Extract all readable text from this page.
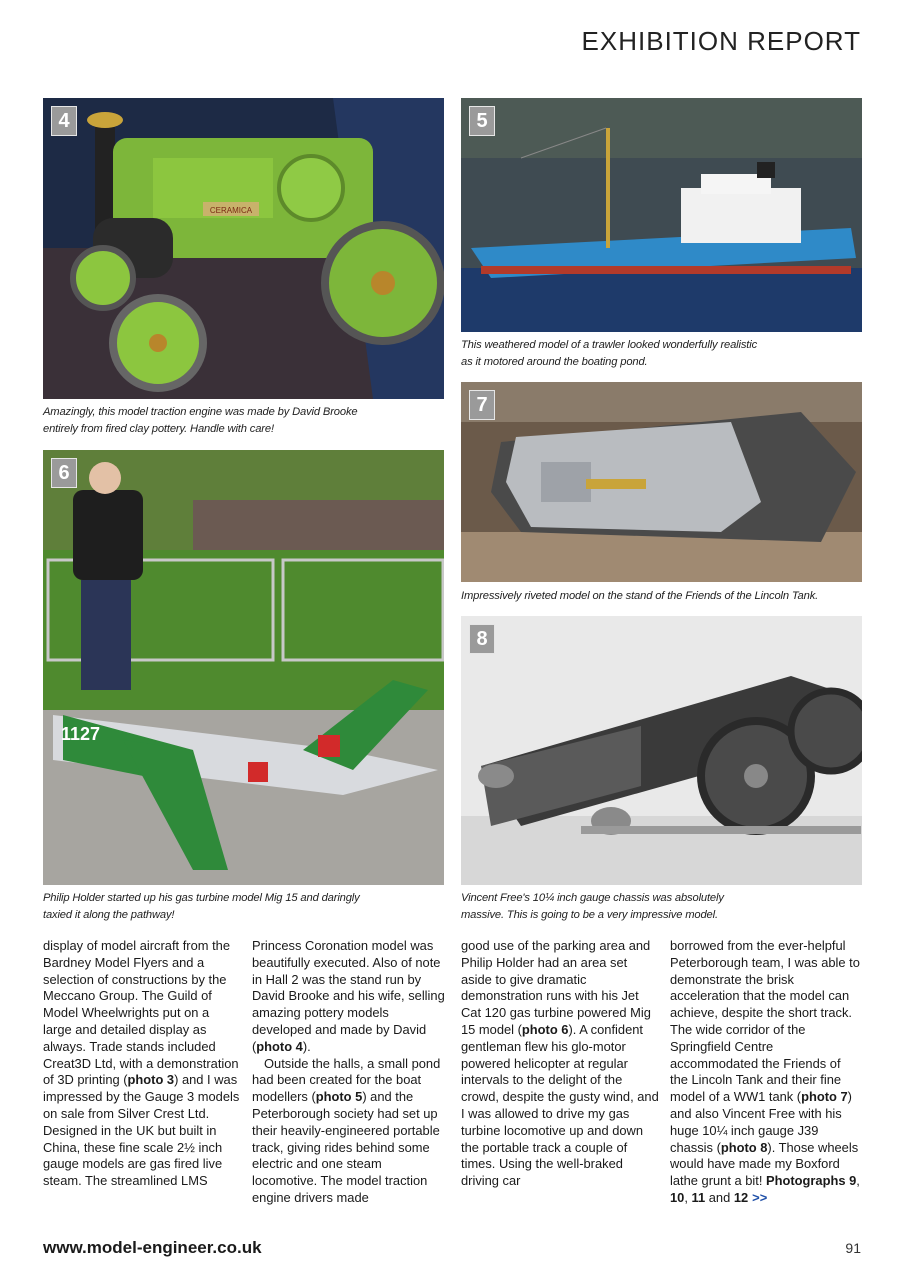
EXHIBITION REPORT
CERAMICA
4
Amazingly, this model traction engine was made by David Brooke
entirely from fired clay pottery. Handle with care!
5
This weathered model of a trawler looked wonderfully realistic
as it motored around the boating pond.
1127
6
Philip Holder started up his gas turbine model Mig 15 and daringly
taxied it along the pathway!
7
Impressively riveted model on the stand of the Friends of the Lincoln Tank.
8
Vincent Free's 10¼ inch gauge chassis was absolutely
massive. This is going to be a very impressive model.

display of model aircraft from the Bardney Model Flyers and a selection of constructions by the Meccano Group. The Guild of Model Wheelwrights put on a large and detailed display as always. Trade stands included Creat3D Ltd, with a demonstration of 3D printing (photo 3) and I was impressed by the Gauge 3 models on sale from Silver Crest Ltd. Designed in the UK but built in China, these fine scale 2½ inch gauge models are gas fired live steam. The streamlined LMS

Princess Coronation model was beautifully executed. Also of note in Hall 2 was the stand run by David Brooke and his wife, selling amazing pottery models developed and made by David (photo 4).

Outside the halls, a small pond had been created for the boat modellers (photo 5) and the Peterborough society had set up their heavily-engineered portable track, giving rides behind some electric and one steam locomotive. The model traction engine drivers made

good use of the parking area and Philip Holder had an area set aside to give dramatic demonstration runs with his Jet Cat 120 gas turbine powered Mig 15 model (photo 6). A confident gentleman flew his glo-motor powered helicopter at regular intervals to the delight of the crowd, despite the gusty wind, and I was allowed to drive my gas turbine locomotive up and down the portable track a couple of times. Using the well-braked driving car

borrowed from the ever-helpful Peterborough team, I was able to demonstrate the brisk acceleration that the model can achieve, despite the short track. The wide corridor of the Springfield Centre accommodated the Friends of the Lincoln Tank and their fine model of a WW1 tank (photo 7) and also Vincent Free with his huge 10¼ inch gauge J39 chassis (photo 8). Those wheels would have made my Boxford lathe grunt a bit! Photographs 9, 10, 11 and 12 >>

www.model-engineer.co.uk	91
